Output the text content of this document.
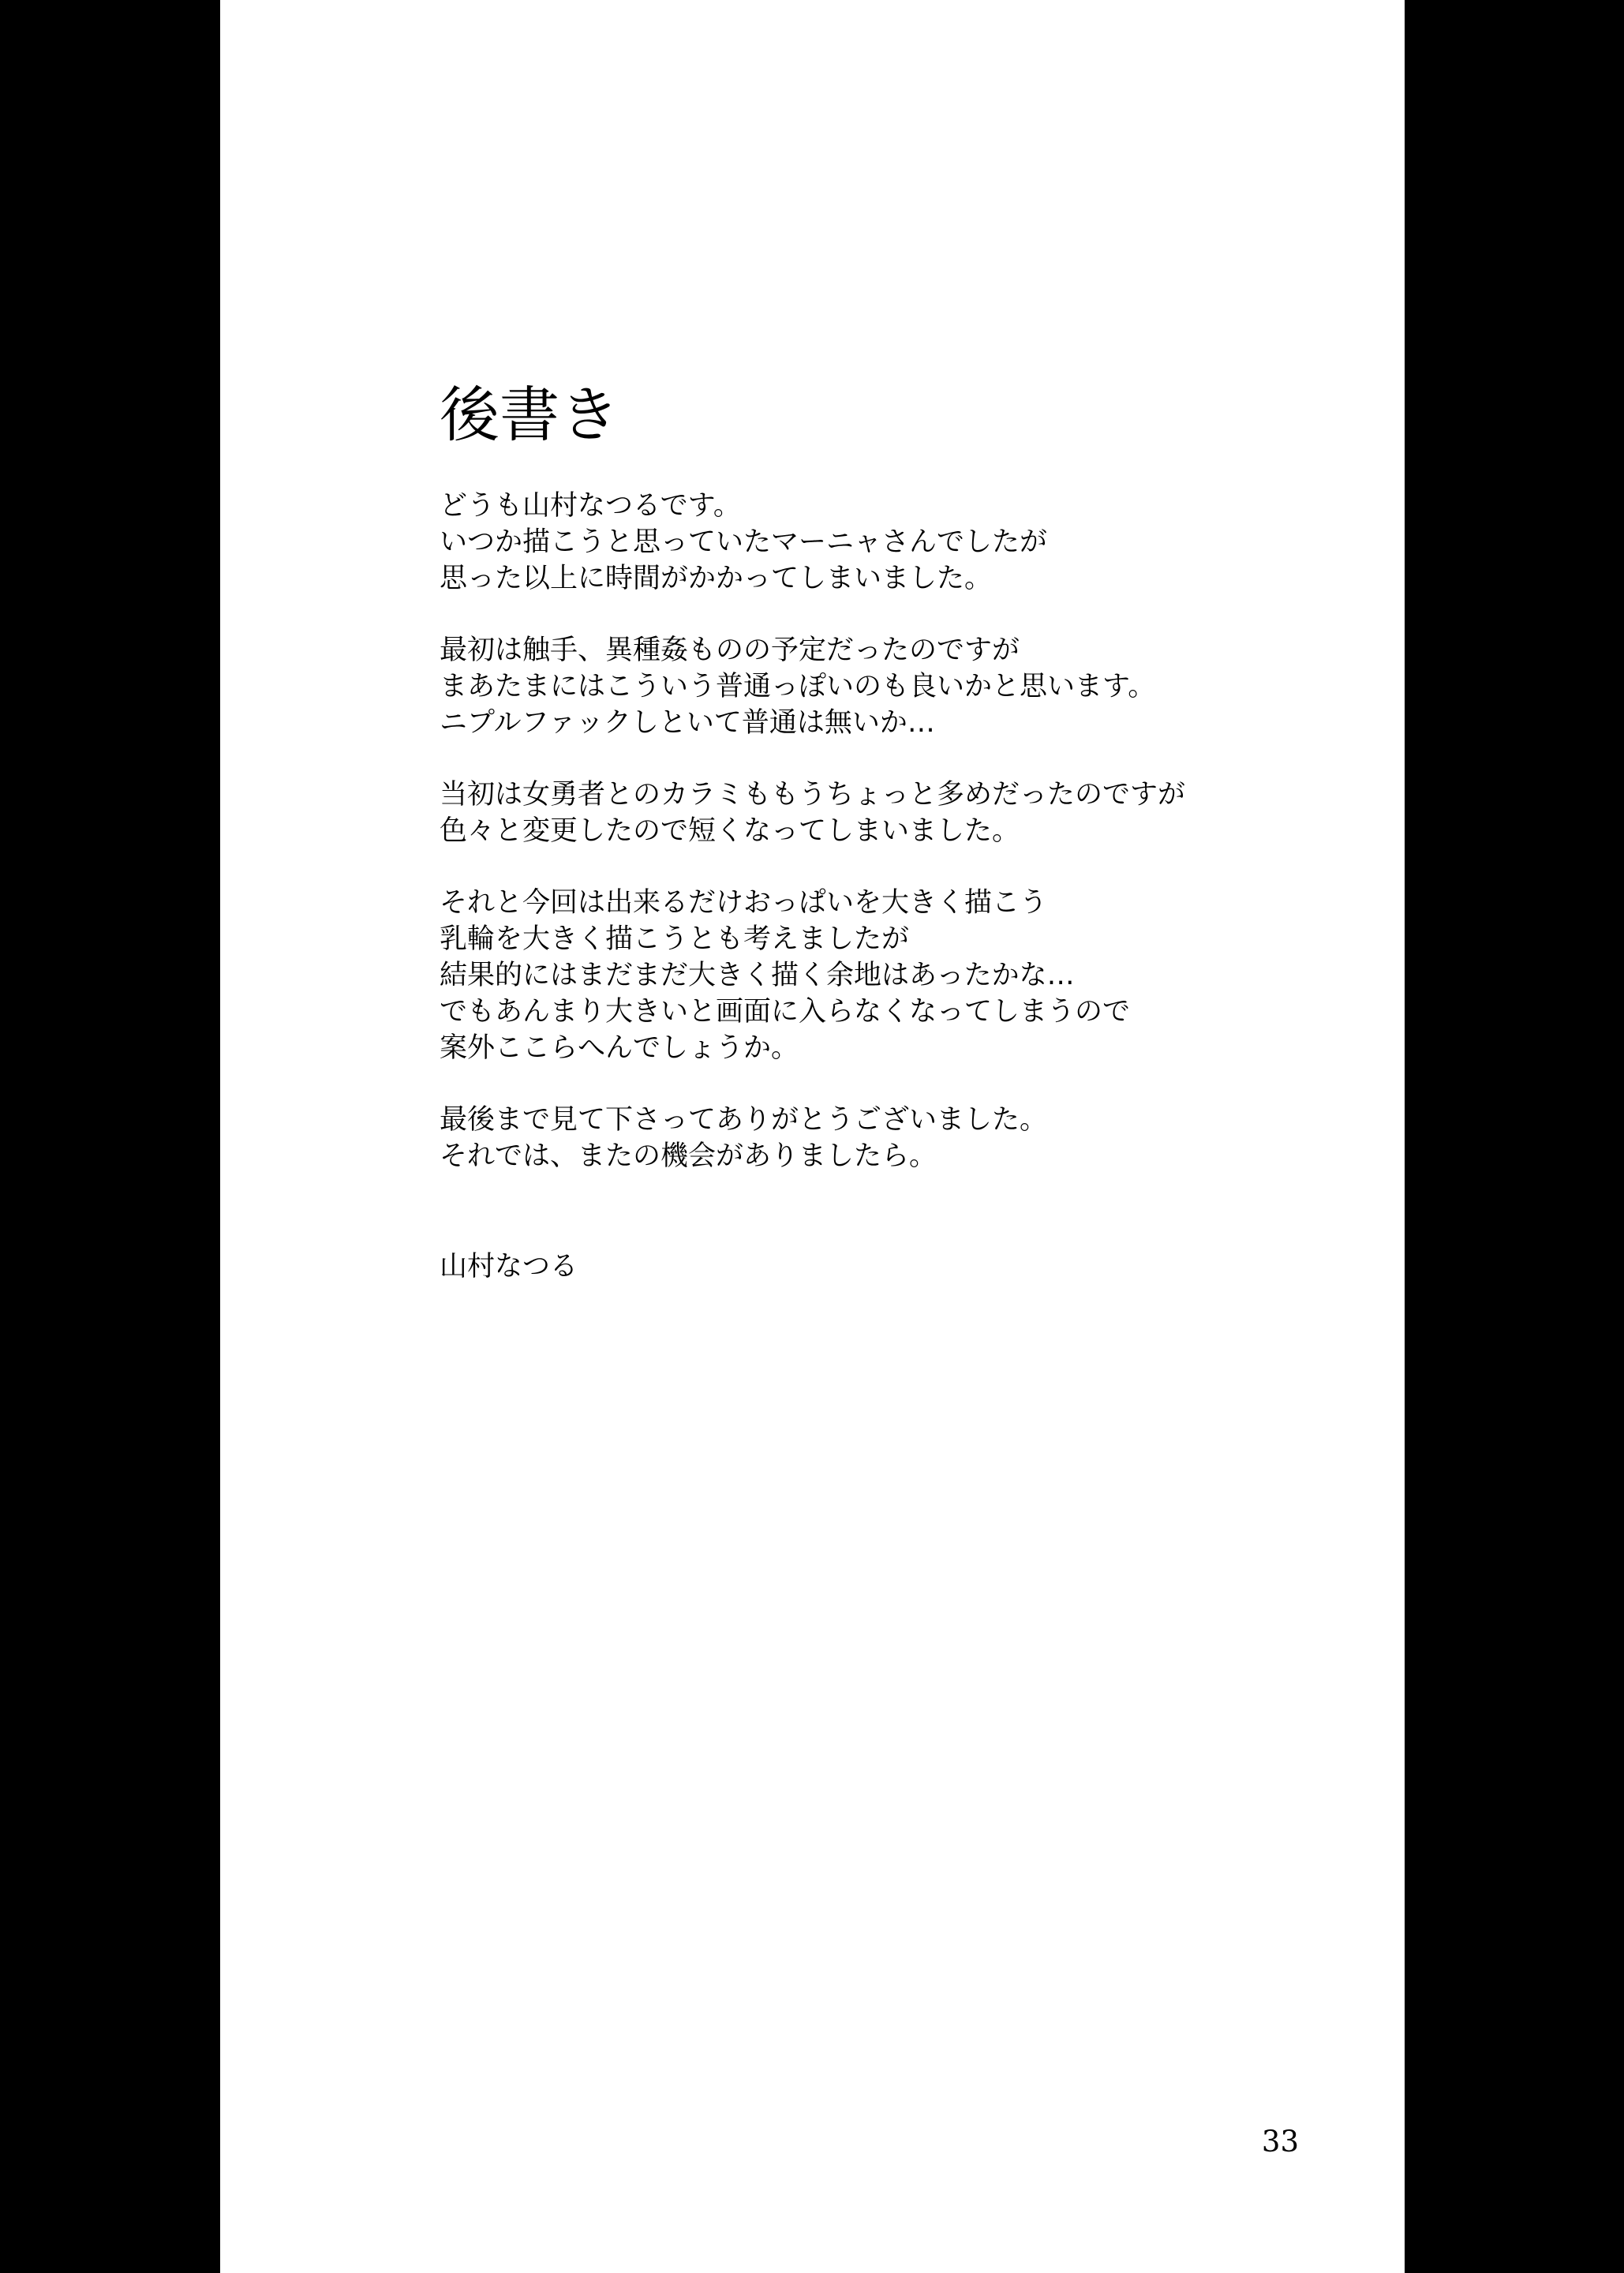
後書き
どうも山村なつるです。
いつか描こうと思っていたマーニャさんでしたが
思った以上に時間がかかってしまいました。
最初は触手、異種姦ものの予定だったのですが
まあたまにはこういう普通っぽいのも良いかと思います。
ニプルファックしといて普通は無いか…
当初は女勇者とのカラミももうちょっと多めだったのですが
色々と変更したので短くなってしまいました。
それと今回は出来るだけおっぱいを大きく描こう
乳輪を大きく描こうとも考えましたが
結果的にはまだまだ大きく描く余地はあったかな…
でもあんまり大きいと画面に入らなくなってしまうので
案外ここらへんでしょうか。
最後まで見て下さってありがとうございました。
それでは、またの機会がありましたら。
山村なつる
33
